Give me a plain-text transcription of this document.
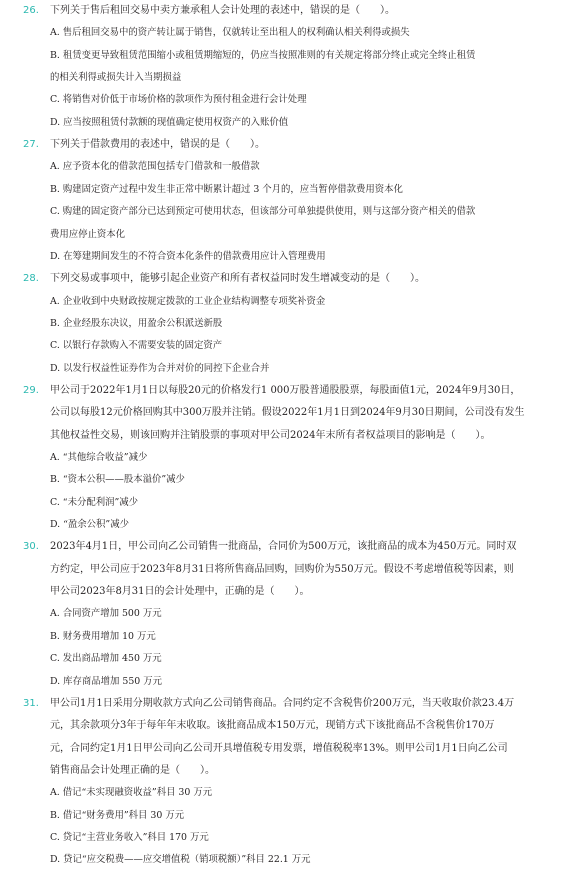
26.	下列关于售后租回交易中卖方兼承租人会计处理的表述中，错误的是（　　）。
A. 售后租回交易中的资产转让属于销售，仅就转让至出租人的权利确认相关利得或损失
B. 租赁变更导致租赁范围缩小或租赁期缩短的，仍应当按照准则的有关规定将部分终止或完全终止租赁
的相关利得或损失计入当期损益
C. 将销售对价低于市场价格的款项作为预付租金进行会计处理
D. 应当按照租赁付款额的现值确定使用权资产的入账价值
27.	下列关于借款费用的表述中，错误的是（　　）。
A. 应予资本化的借款范围包括专门借款和一般借款
B. 购建固定资产过程中发生非正常中断累计超过 3 个月的，应当暂停借款费用资本化
C. 购建的固定资产部分已达到预定可使用状态，但该部分可单独提供使用，则与这部分资产相关的借款
费用应停止资本化
D. 在筹建期间发生的不符合资本化条件的借款费用应计入管理费用
28.	下列交易或事项中，能够引起企业资产和所有者权益同时发生增减变动的是（　　）。
A. 企业收到中央财政按规定拨款的工业企业结构调整专项奖补资金
B. 企业经股东决议，用盈余公积派送新股
C. 以银行存款购入不需要安装的固定资产
D. 以发行权益性证券作为合并对价的同控下企业合并
29.	甲公司于2022年1月1日以每股20元的价格发行1 000万股普通股股票，每股面值1元，2024年9月30日，
公司以每股12元价格回购其中300万股并注销。假设2022年1月1日到2024年9月30日期间，公司没有发生
其他权益性交易，则该回购并注销股票的事项对甲公司2024年末所有者权益项目的影响是（　　）。
A. “其他综合收益”减少
B. “资本公积——股本溢价”减少
C. “未分配利润”减少
D. “盈余公积”减少
30.	2023年4月1日，甲公司向乙公司销售一批商品，合同价为500万元，该批商品的成本为450万元。同时双
方约定，甲公司应于2023年8月31日将所售商品回购，回购价为550万元。假设不考虑增值税等因素，则
甲公司2023年8月31日的会计处理中，正确的是（　　）。
A. 合同资产增加 500 万元
B. 财务费用增加 10 万元
C. 发出商品增加 450 万元
D. 库存商品增加 550 万元
31.	甲公司1月1日采用分期收款方式向乙公司销售商品。合同约定不含税售价200万元，当天收取价款23.4万
元，其余款项分3年于每年年末收取。该批商品成本150万元，现销方式下该批商品不含税售价170万
元，合同约定1月1日甲公司向乙公司开具增值税专用发票，增值税税率13%。则甲公司1月1日向乙公司
销售商品会计处理正确的是（　　）。
A. 借记“未实现融资收益”科目 30 万元
B. 借记“财务费用”科目 30 万元
C. 贷记“主营业务收入”科目 170 万元
D. 贷记“应交税费——应交增值税（销项税额）”科目 22.1 万元
